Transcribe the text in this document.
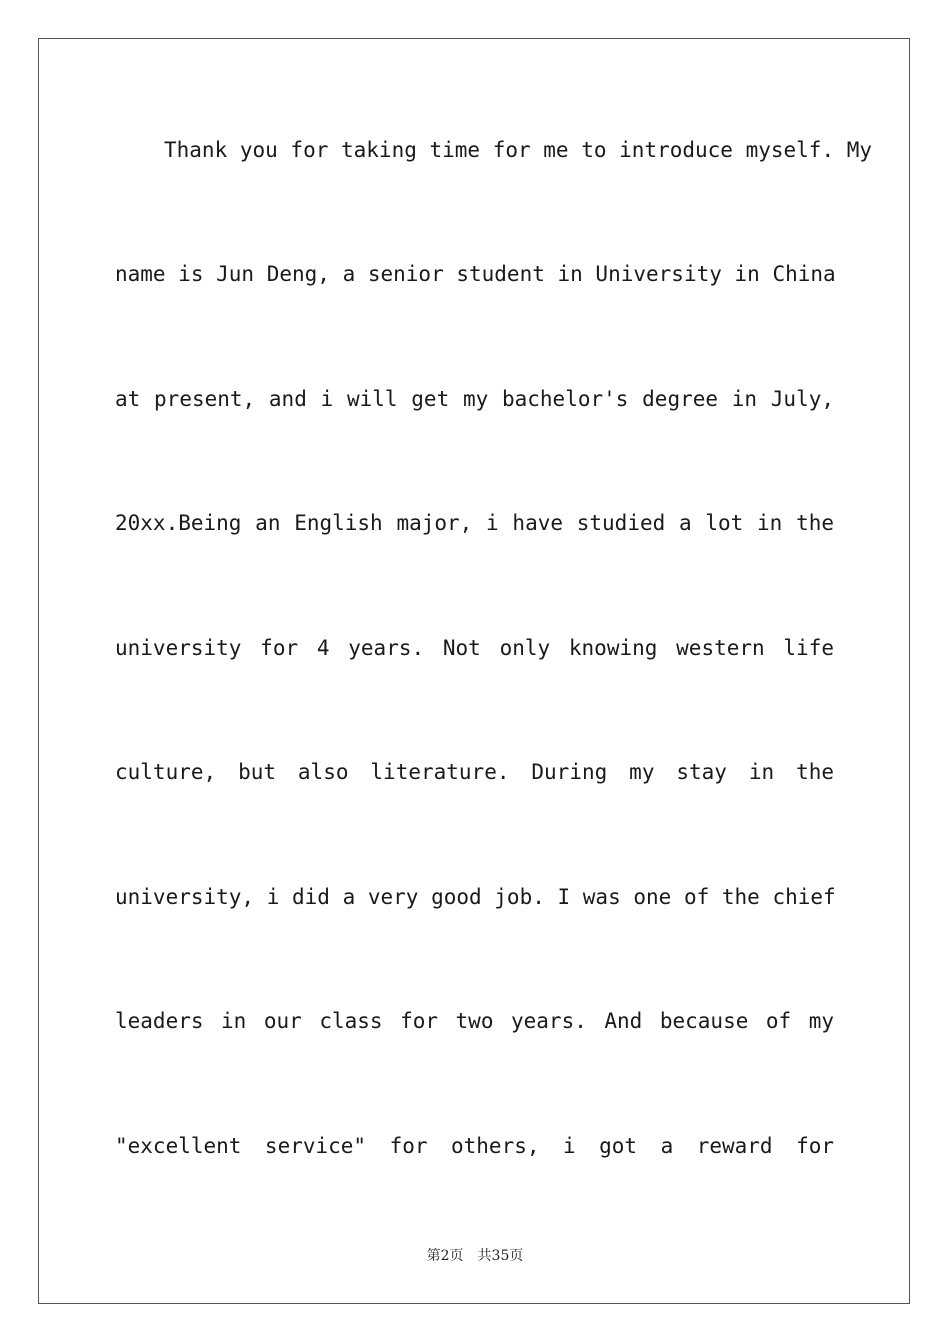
Thank you for taking time for me to introduce myself. My
name is Jun Deng, a senior student in University in China
at present, and i will get my bachelor's degree in July,
20xx.Being an English major, i have studied a lot in the
university for 4 years. Not only knowing western life
culture, but also literature. During my stay in the
university, i did a very good job. I was one of the chief
leaders in our class for two years. And because of my
"excellent service" for others, i got a reward for
第2页　共35页
